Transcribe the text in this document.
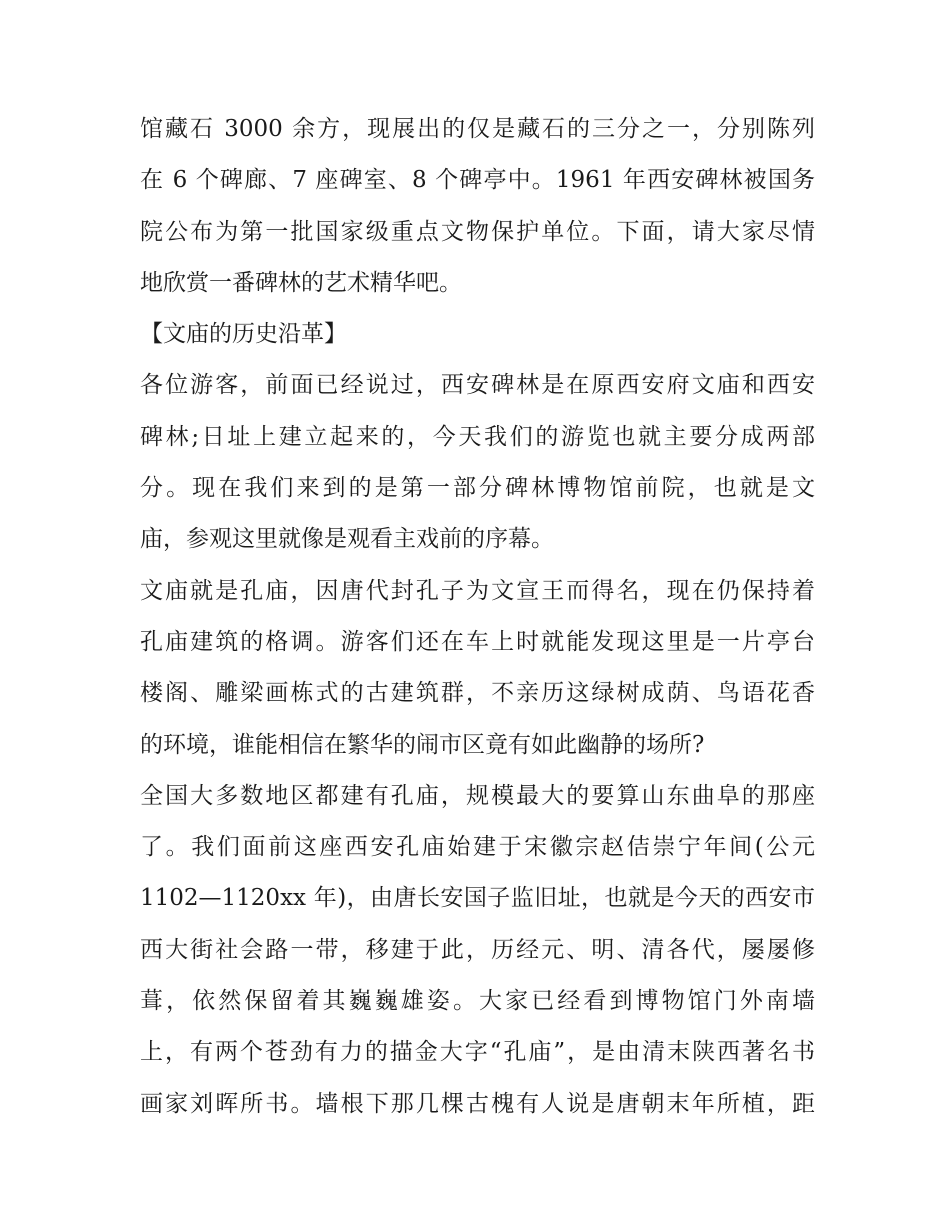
馆藏石 3000 余方，现展出的仅是藏石的三分之一，分别陈列
在 6 个碑廊、7 座碑室、8 个碑亭中。1961 年西安碑林被国务
院公布为第一批国家级重点文物保护单位。下面，请大家尽情
地欣赏一番碑林的艺术精华吧。
【文庙的历史沿革】
各位游客，前面已经说过，西安碑林是在原西安府文庙和西安
碑林;日址上建立起来的，今天我们的游览也就主要分成两部
分。现在我们来到的是第一部分碑林博物馆前院，也就是文
庙，参观这里就像是观看主戏前的序幕。
文庙就是孔庙，因唐代封孔子为文宣王而得名，现在仍保持着
孔庙建筑的格调。游客们还在车上时就能发现这里是一片亭台
楼阁、雕梁画栋式的古建筑群，不亲历这绿树成荫、鸟语花香
的环境，谁能相信在繁华的闹市区竟有如此幽静的场所?
全国大多数地区都建有孔庙，规模最大的要算山东曲阜的那座
了。我们面前这座西安孔庙始建于宋徽宗赵佶崇宁年间(公元
1102—1120xx 年)，由唐长安国子监旧址，也就是今天的西安市
西大街社会路一带，移建于此，历经元、明、清各代，屡屡修
葺，依然保留着其巍巍雄姿。大家已经看到博物馆门外南墙
上，有两个苍劲有力的描金大字“孔庙”，是由清末陕西著名书
画家刘晖所书。墙根下那几棵古槐有人说是唐朝末年所植，距
